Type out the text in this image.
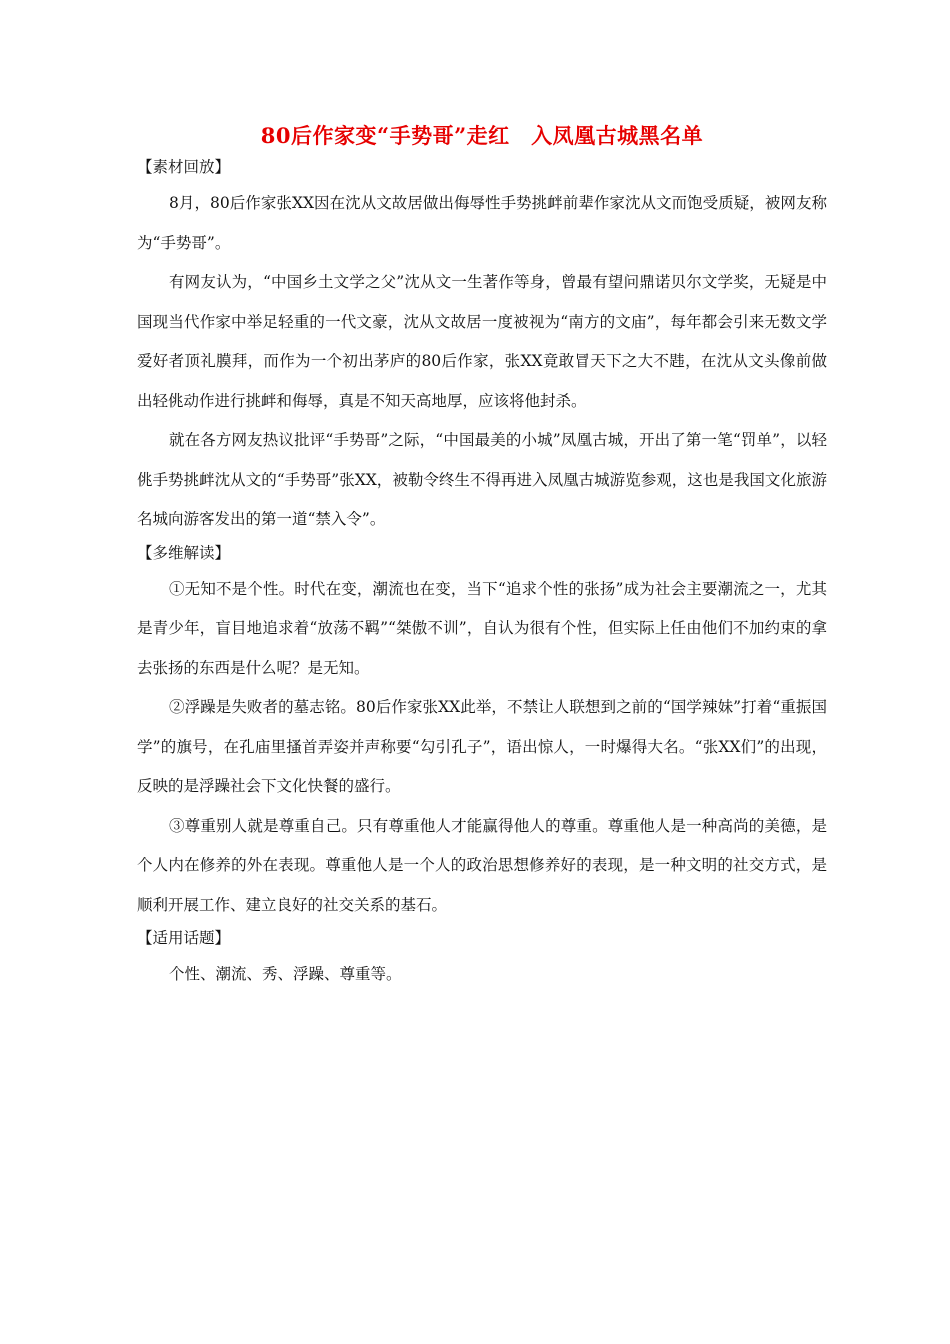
80后作家变“手势哥”走红　入凤凰古城黑名单
【素材回放】

8月，80后作家张XX因在沈从文故居做出侮辱性手势挑衅前辈作家沈从文而饱受质疑，被网友称为“手势哥”。

有网友认为，“中国乡土文学之父”沈从文一生著作等身，曾最有望问鼎诺贝尔文学奖，无疑是中国现当代作家中举足轻重的一代文豪，沈从文故居一度被视为“南方的文庙”，每年都会引来无数文学爱好者顶礼膜拜，而作为一个初出茅庐的80后作家，张XX竟敢冒天下之大不韪，在沈从文头像前做出轻佻动作进行挑衅和侮辱，真是不知天高地厚，应该将他封杀。

就在各方网友热议批评“手势哥”之际，“中国最美的小城”凤凰古城，开出了第一笔“罚单”，以轻佻手势挑衅沈从文的“手势哥”张XX，被勒令终生不得再进入凤凰古城游览参观，这也是我国文化旅游名城向游客发出的第一道“禁入令”。

【多维解读】

①无知不是个性。时代在变，潮流也在变，当下“追求个性的张扬”成为社会主要潮流之一，尤其是青少年，盲目地追求着“放荡不羁”“桀傲不训”，自认为很有个性，但实际上任由他们不加约束的拿去张扬的东西是什么呢？是无知。

②浮躁是失败者的墓志铭。80后作家张XX此举，不禁让人联想到之前的“国学辣妹”打着“重振国学”的旗号，在孔庙里搔首弄姿并声称要“勾引孔子”，语出惊人，一时爆得大名。“张XX们”的出现，反映的是浮躁社会下文化快餐的盛行。

③尊重别人就是尊重自己。只有尊重他人才能赢得他人的尊重。尊重他人是一种高尚的美德，是个人内在修养的外在表现。尊重他人是一个人的政治思想修养好的表现，是一种文明的社交方式，是顺利开展工作、建立良好的社交关系的基石。

【适用话题】

个性、潮流、秀、浮躁、尊重等。
